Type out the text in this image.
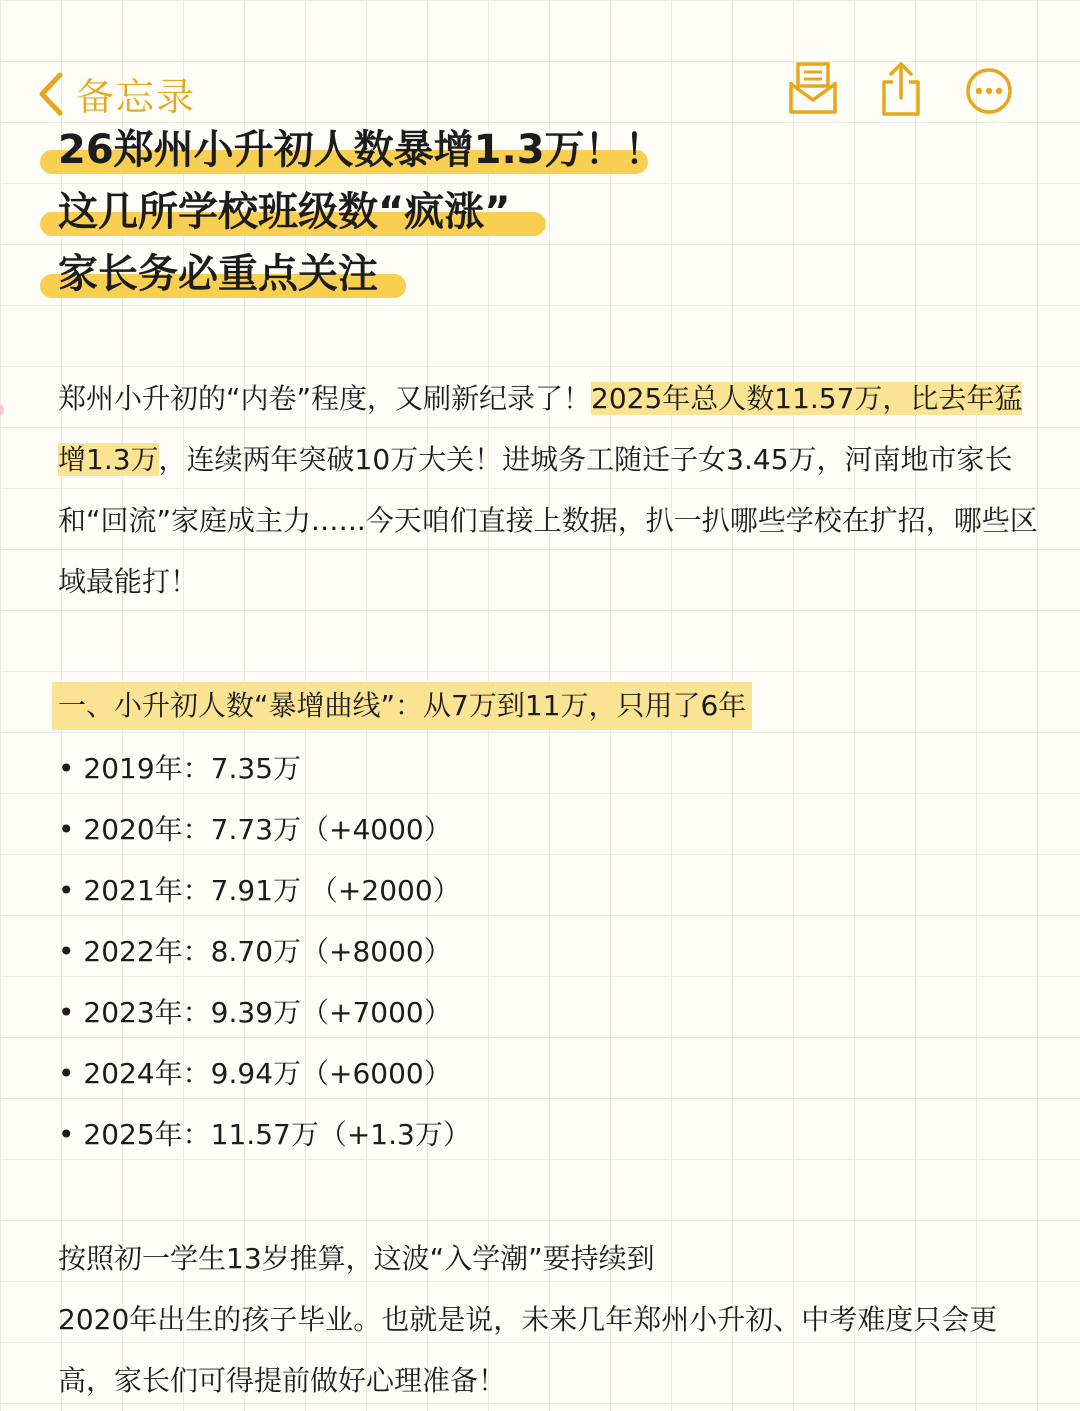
备忘录
26郑州小升初人数暴增1.3万！！
这几所学校班级数“疯涨”
家长务必重点关注

郑州小升初的“内卷”程度，又刷新纪录了！2025年总人数11.57万，比去年猛增1.3万，连续两年突破10万大关！进城务工随迁子女3.45万，河南地市家长和“回流”家庭成主力.…..今天咱们直接上数据，扒一扒哪些学校在扩招，哪些区域最能打！

一、小升初人数“暴增曲线”：从7万到11万，只用了6年
• 2019年：7.35万
• 2020年：7.73万（+4000）
• 2021年：7.91万 （+2000）
• 2022年：8.70万（+8000）
• 2023年：9.39万（+7000）
• 2024年：9.94万（+6000）
• 2025年：11.57万（+1.3万）
按照初一学生13岁推算，这波“入学潮”要持续到
2020年出生的孩子毕业。也就是说，未来几年郑州小升初、中考难度只会更高，家长们可得提前做好心理准备！
